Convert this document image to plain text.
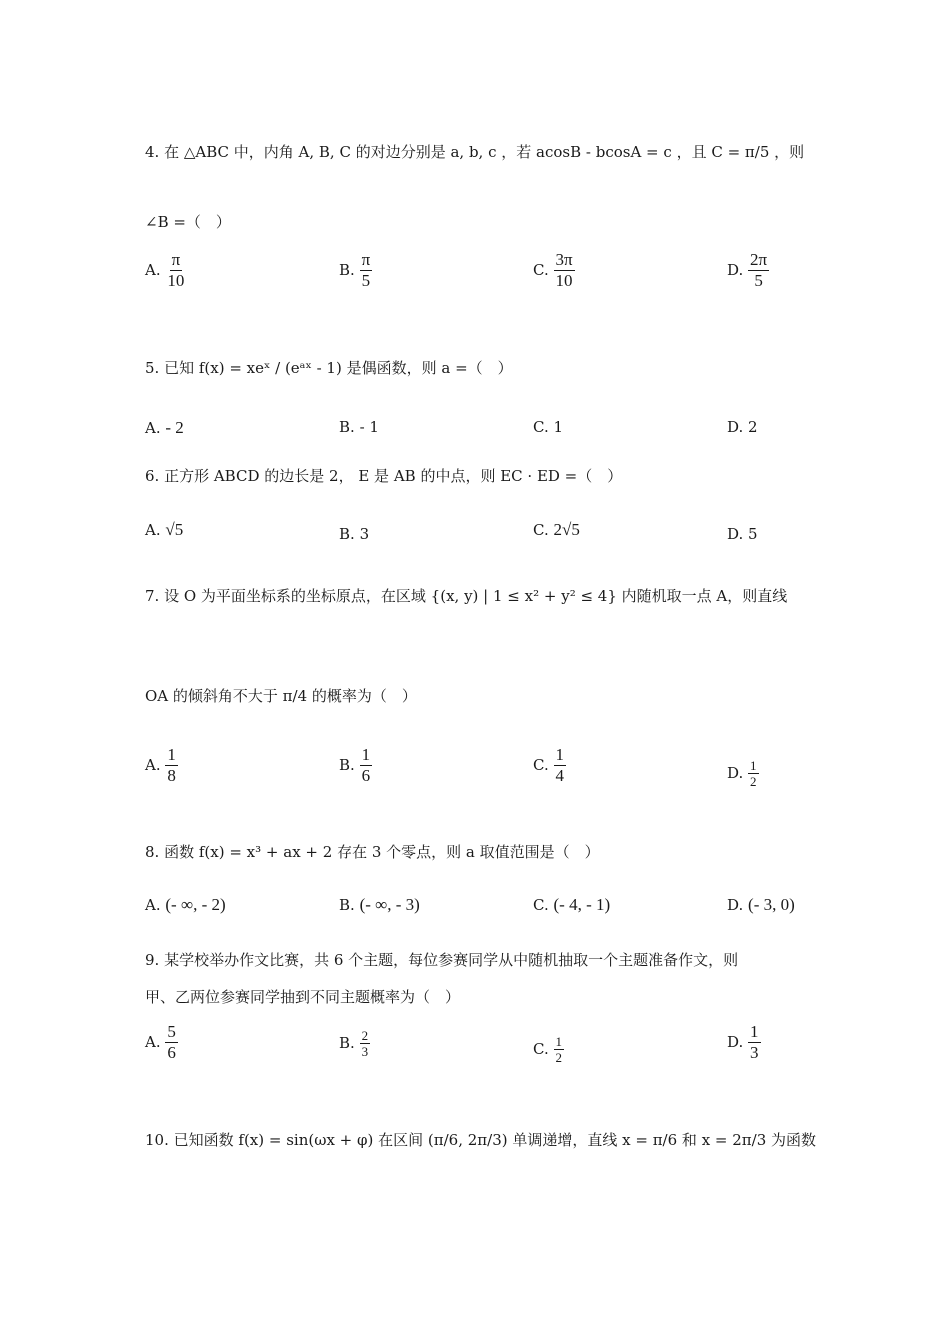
4. 在 △ABC 中，内角 A, B, C 的对边分别是 a, b, c ，若 acosB - bcosA = c ，且 C = π/5 ，则
∠B =（　）
A. $\frac{\pi}{10}$	B. $\frac{\pi}{5}$	C. $\frac{3\pi}{10}$	D. $\frac{2\pi}{5}$
5. 已知 f(x) = xeˣ / (eᵃˣ - 1) 是偶函数，则 a =（　）
A. - 2	B. - 1	C. 1	D. 2
6. 正方形 ABCD 的边长是 2， E 是 AB 的中点，则 EC · ED =（　）
A. √5	B. 3	C. 2√5	D. 5
7. 设 O 为平面坐标系的坐标原点，在区域 {(x, y) | 1 ≤ x² + y² ≤ 4} 内随机取一点 A，则直线
OA 的倾斜角不大于 π/4 的概率为（　）
A. $\frac{1}{8}$	B. $\frac{1}{6}$	C. $\frac{1}{4}$	D. $\frac{1}{2}$
8. 函数 f(x) = x³ + ax + 2 存在 3 个零点，则 a 取值范围是（　）
A. (- ∞, - 2)	B. (- ∞, - 3)	C. (- 4, - 1)	D. (- 3, 0)
9. 某学校举办作文比赛，共 6 个主题，每位参赛同学从中随机抽取一个主题准备作文，则
甲、乙两位参赛同学抽到不同主题概率为（　）
A. $\frac{5}{6}$	B. $\frac{2}{3}$	C. $\frac{1}{2}$	D. $\frac{1}{3}$
10. 已知函数 f(x) = sin(ωx + φ) 在区间 (π/6, 2π/3) 单调递增，直线 x = π/6 和 x = 2π/3 为函数
